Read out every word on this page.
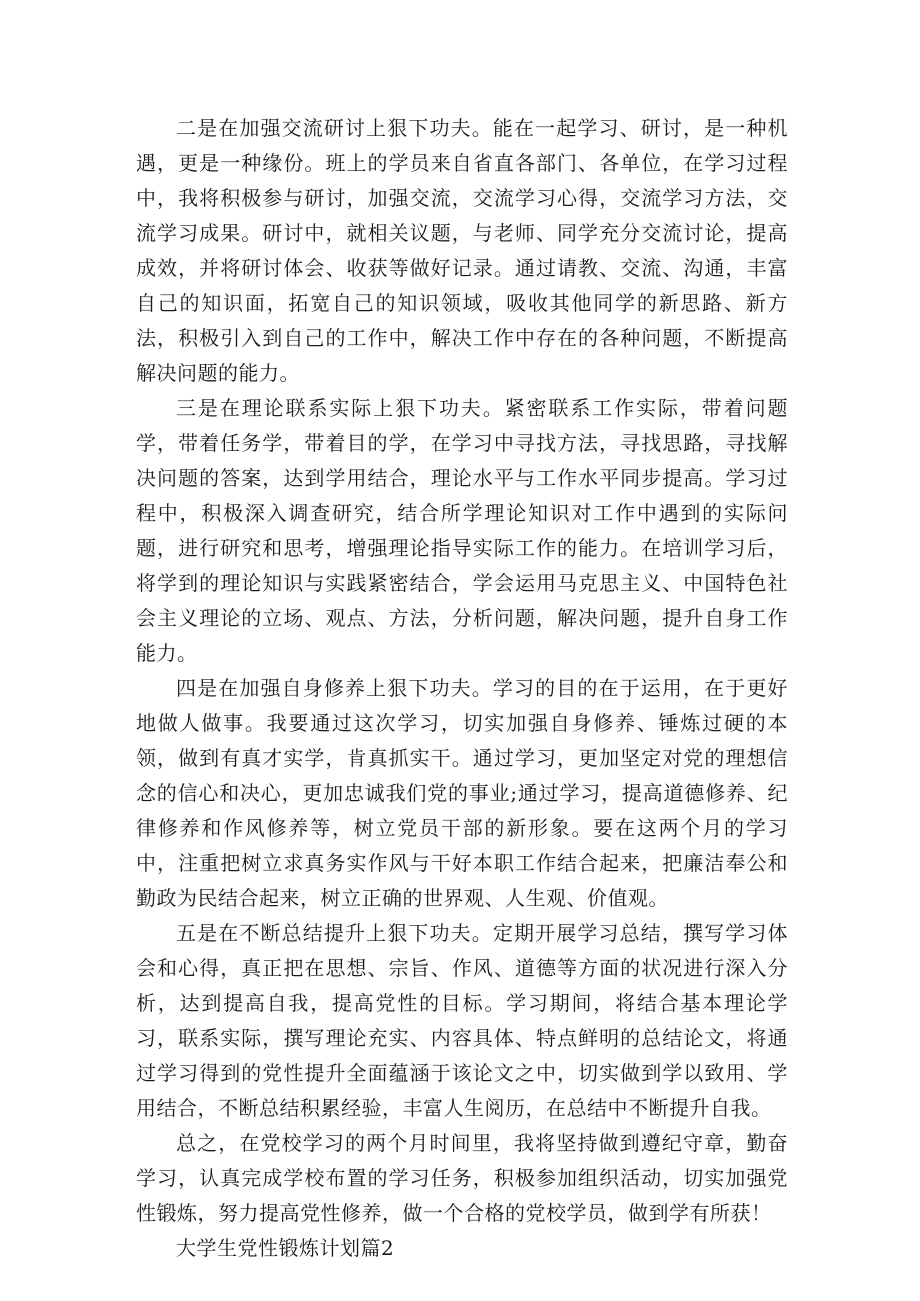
二是在加强交流研讨上狠下功夫。能在一起学习、研讨，是一种机遇，更是一种缘份。班上的学员来自省直各部门、各单位，在学习过程中，我将积极参与研讨，加强交流，交流学习心得，交流学习方法，交流学习成果。研讨中，就相关议题，与老师、同学充分交流讨论，提高成效，并将研讨体会、收获等做好记录。通过请教、交流、沟通，丰富自己的知识面，拓宽自己的知识领域，吸收其他同学的新思路、新方法，积极引入到自己的工作中，解决工作中存在的各种问题，不断提高解决问题的能力。

三是在理论联系实际上狠下功夫。紧密联系工作实际，带着问题学，带着任务学，带着目的学，在学习中寻找方法，寻找思路，寻找解决问题的答案，达到学用结合，理论水平与工作水平同步提高。学习过程中，积极深入调查研究，结合所学理论知识对工作中遇到的实际问题，进行研究和思考，增强理论指导实际工作的能力。在培训学习后，将学到的理论知识与实践紧密结合，学会运用马克思主义、中国特色社会主义理论的立场、观点、方法，分析问题，解决问题，提升自身工作能力。

四是在加强自身修养上狠下功夫。学习的目的在于运用，在于更好地做人做事。我要通过这次学习，切实加强自身修养、锤炼过硬的本领，做到有真才实学，肯真抓实干。通过学习，更加坚定对党的理想信念的信心和决心，更加忠诚我们党的事业;通过学习，提高道德修养、纪律修养和作风修养等，树立党员干部的新形象。要在这两个月的学习中，注重把树立求真务实作风与干好本职工作结合起来，把廉洁奉公和勤政为民结合起来，树立正确的世界观、人生观、价值观。

五是在不断总结提升上狠下功夫。定期开展学习总结，撰写学习体会和心得，真正把在思想、宗旨、作风、道德等方面的状况进行深入分析，达到提高自我，提高党性的目标。学习期间，将结合基本理论学习，联系实际，撰写理论充实、内容具体、特点鲜明的总结论文，将通过学习得到的党性提升全面蕴涵于该论文之中，切实做到学以致用、学用结合，不断总结积累经验，丰富人生阅历，在总结中不断提升自我。

总之，在党校学习的两个月时间里，我将坚持做到遵纪守章，勤奋学习，认真完成学校布置的学习任务，积极参加组织活动，切实加强党性锻炼，努力提高党性修养，做一个合格的党校学员，做到学有所获！

大学生党性锻炼计划篇2
